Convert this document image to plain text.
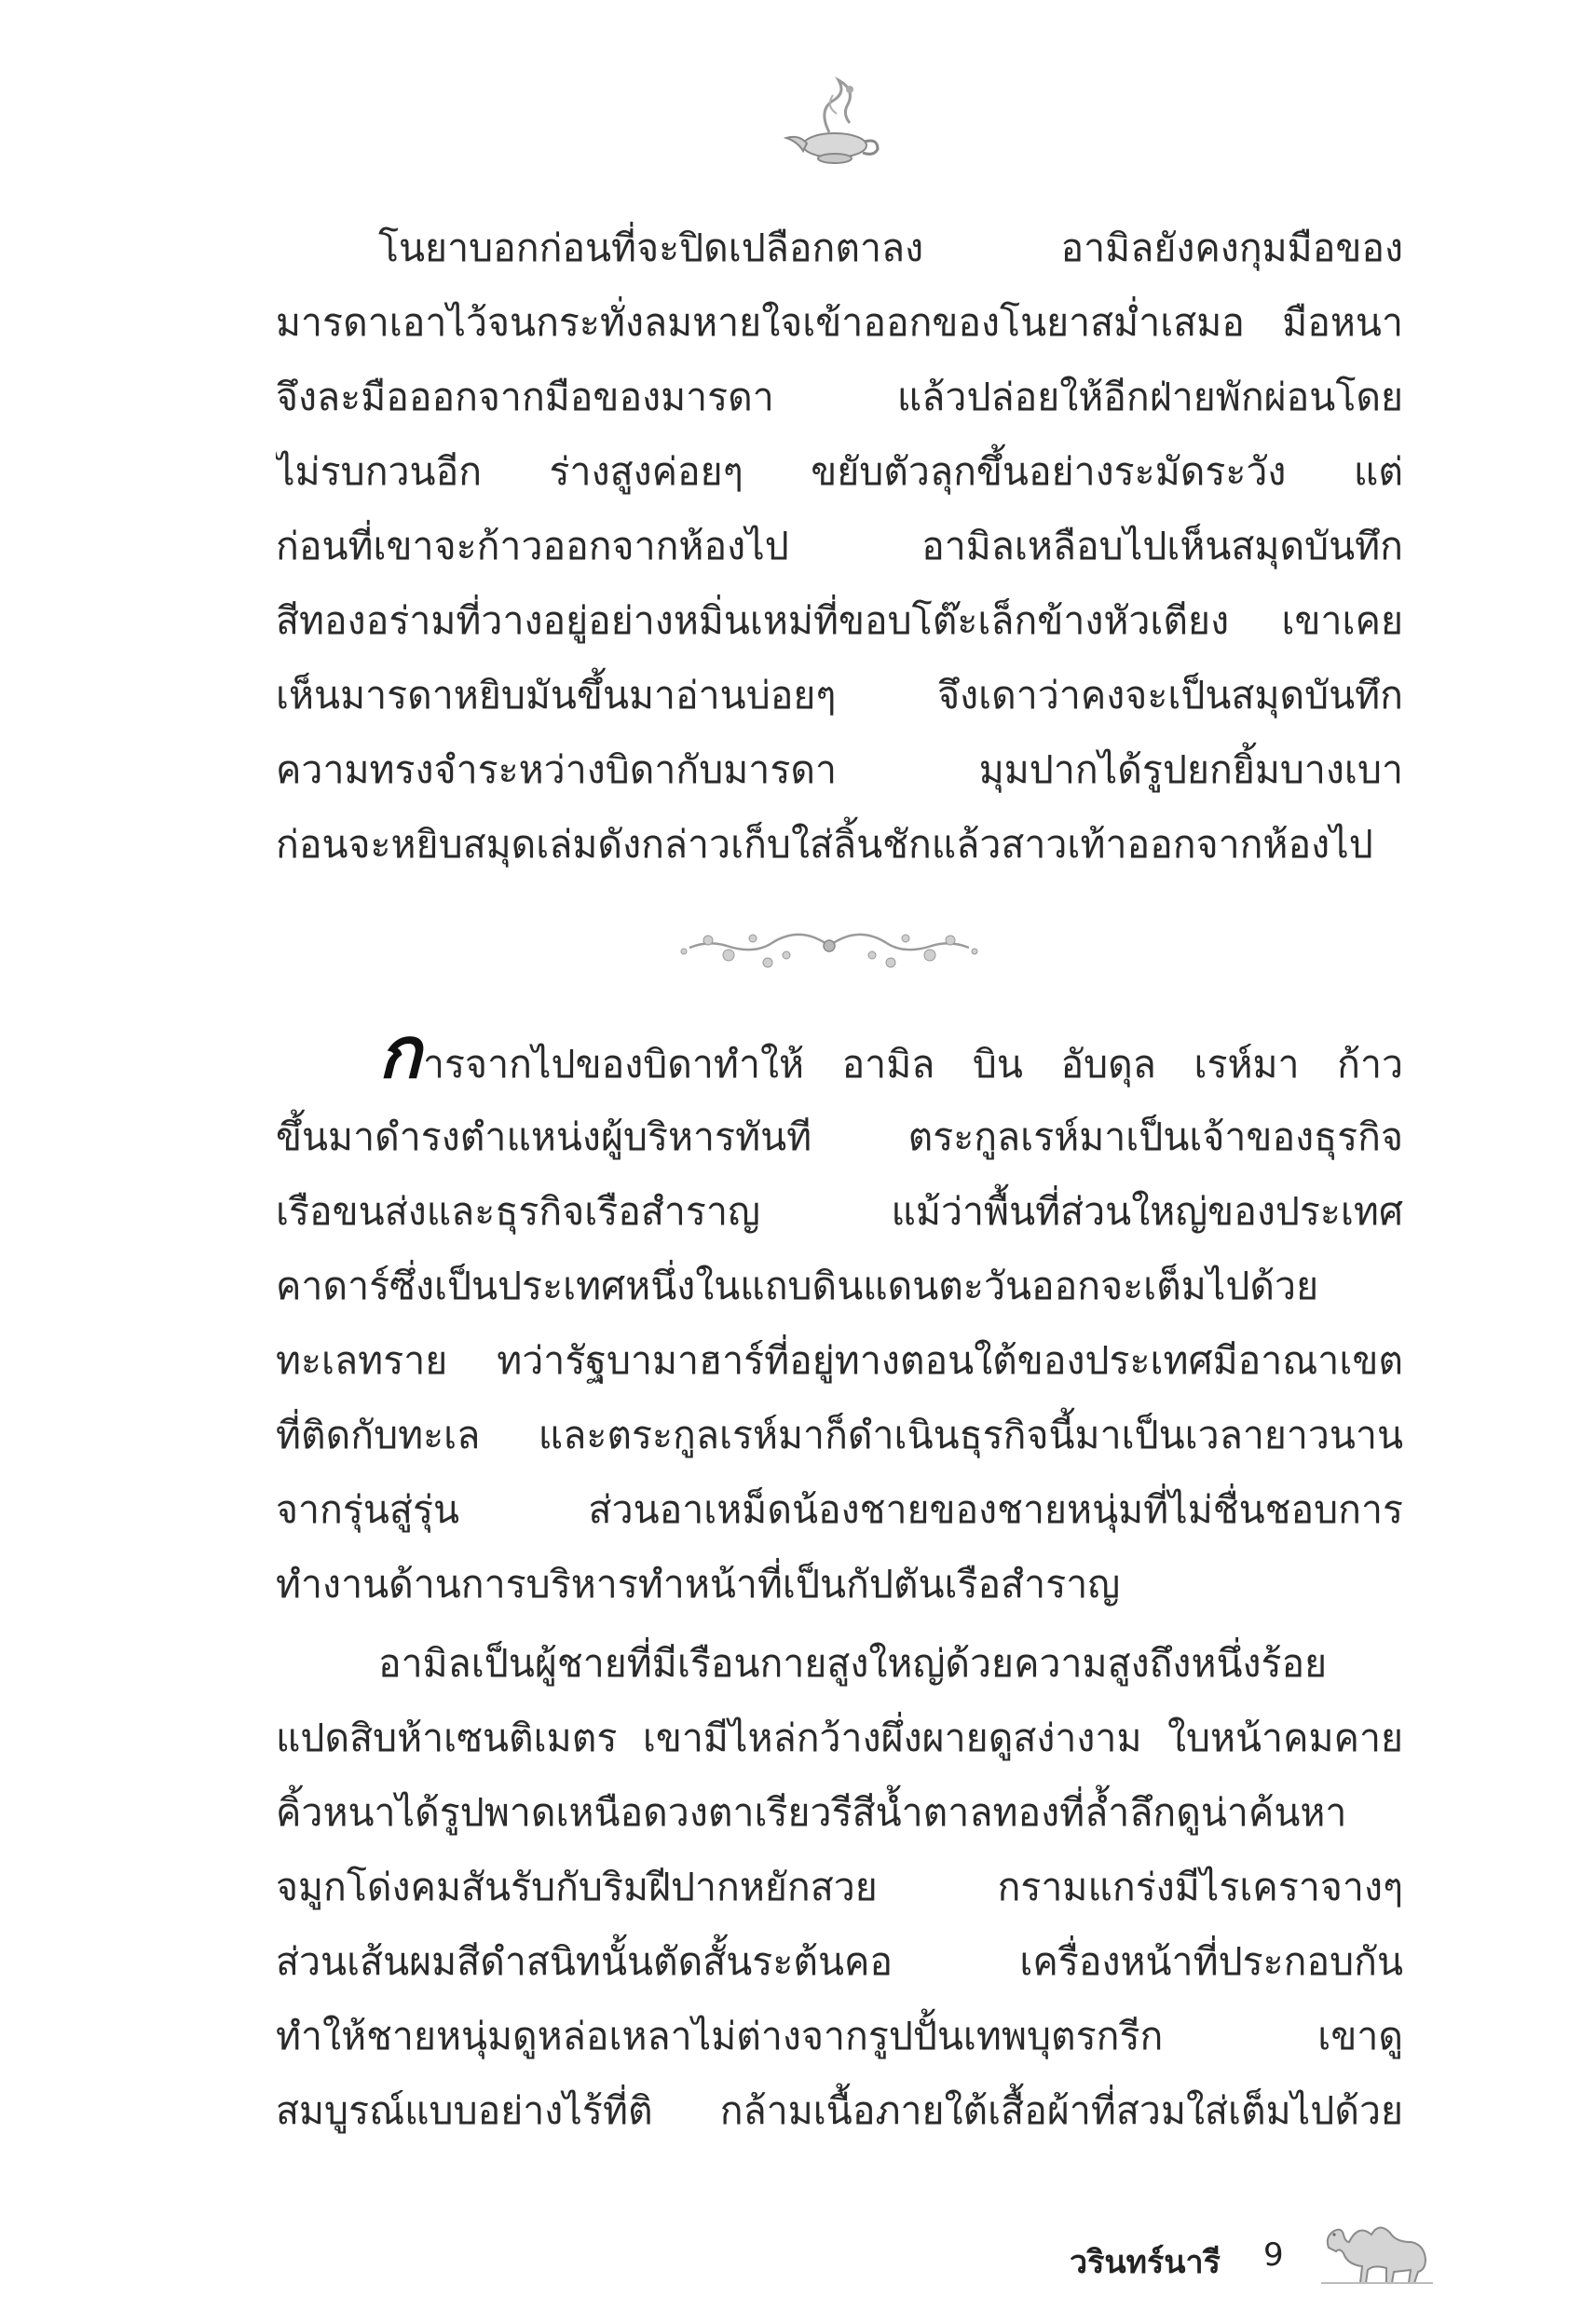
โนยาบอกก่อนที่จะปิดเปลือกตาลง อามิลยังคงกุมมือของ
มารดาเอาไว้จนกระทั่งลมหายใจเข้าออกของโนยาสม่ำเสมอ มือหนา
จึงละมือออกจากมือของมารดา แล้วปล่อยให้อีกฝ่ายพักผ่อนโดย
ไม่รบกวนอีก ร่างสูงค่อยๆ ขยับตัวลุกขึ้นอย่างระมัดระวัง แต่
ก่อนที่เขาจะก้าวออกจากห้องไป อามิลเหลือบไปเห็นสมุดบันทึก
สีทองอร่ามที่วางอยู่อย่างหมิ่นเหม่ที่ขอบโต๊ะเล็กข้างหัวเตียง เขาเคย
เห็นมารดาหยิบมันขึ้นมาอ่านบ่อยๆ จึงเดาว่าคงจะเป็นสมุดบันทึก
ความทรงจำระหว่างบิดากับมารดา มุมปากได้รูปยกยิ้มบางเบา
ก่อนจะหยิบสมุดเล่มดังกล่าวเก็บใส่ลิ้นชักแล้วสาวเท้าออกจากห้องไป
การจากไปของบิดาทำให้ อามิล บิน อับดุล เรห์มา ก้าว
ขึ้นมาดำรงตำแหน่งผู้บริหารทันที ตระกูลเรห์มาเป็นเจ้าของธุรกิจ
เรือขนส่งและธุรกิจเรือสำราญ แม้ว่าพื้นที่ส่วนใหญ่ของประเทศ
คาดาร์ซึ่งเป็นประเทศหนึ่งในแถบดินแดนตะวันออกจะเต็มไปด้วย
ทะเลทราย ทว่ารัฐบามาฮาร์ที่อยู่ทางตอนใต้ของประเทศมีอาณาเขต
ที่ติดกับทะเล และตระกูลเรห์มาก็ดำเนินธุรกิจนี้มาเป็นเวลายาวนาน
จากรุ่นสู่รุ่น ส่วนอาเหม็ดน้องชายของชายหนุ่มที่ไม่ชื่นชอบการ
ทำงานด้านการบริหารทำหน้าที่เป็นกัปตันเรือสำราญ
อามิลเป็นผู้ชายที่มีเรือนกายสูงใหญ่ด้วยความสูงถึงหนึ่งร้อย
แปดสิบห้าเซนติเมตร เขามีไหล่กว้างผึ่งผายดูสง่างาม ใบหน้าคมคาย
คิ้วหนาได้รูปพาดเหนือดวงตาเรียวรีสีน้ำตาลทองที่ล้ำลึกดูน่าค้นหา
จมูกโด่งคมสันรับกับริมฝีปากหยักสวย กรามแกร่งมีไรเคราจางๆ
ส่วนเส้นผมสีดำสนิทนั้นตัดสั้นระต้นคอ เครื่องหน้าที่ประกอบกัน
ทำให้ชายหนุ่มดูหล่อเหลาไม่ต่างจากรูปปั้นเทพบุตรกรีก เขาดู
สมบูรณ์แบบอย่างไร้ที่ติ กล้ามเนื้อภายใต้เสื้อผ้าที่สวมใส่เต็มไปด้วย
วรินทร์นารี 9
